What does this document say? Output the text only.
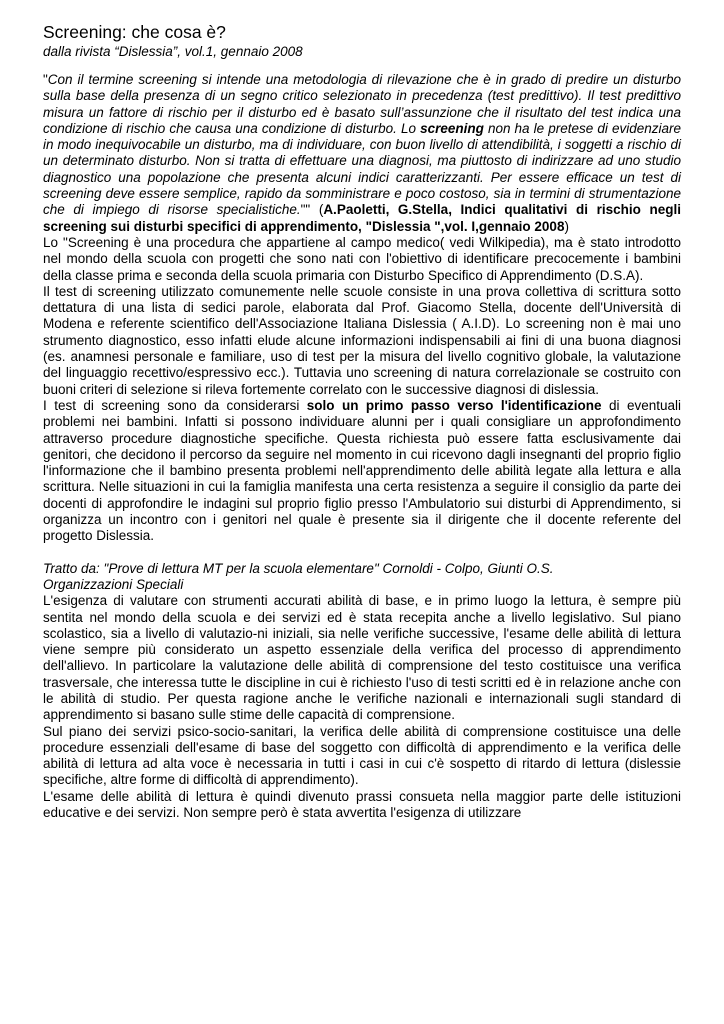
Screening: che cosa è?

dalla rivista “Dislessia”, vol.1, gennaio 2008

"Con il termine screening si intende una metodologia di rilevazione che è in grado di predire un disturbo sulla base della presenza di un segno critico selezionato in precedenza (test predittivo). Il test predittivo misura un fattore di rischio per il disturbo ed è basato sull’assunzione che il risultato del test indica una condizione di rischio che causa una condizione di disturbo. Lo screening non ha le pretese di evidenziare in modo inequivocabile un disturbo, ma di individuare, con buon livello di attendibilità, i soggetti a rischio di un determinato disturbo. Non si tratta di effettuare una diagnosi, ma piuttosto di indirizzare ad uno studio diagnostico una popolazione che presenta alcuni indici caratterizzanti. Per essere efficace un test di screening deve essere semplice, rapido da somministrare e poco costoso, sia in termini di strumentazione che di impiego di risorse specialistiche."" (A.Paoletti, G.Stella, Indici qualitativi di rischio negli screening sui disturbi specifici di apprendimento, "Dislessia ",vol. I,gennaio 2008)

Lo "Screening è una procedura che appartiene al campo medico( vedi Wilkipedia), ma è stato introdotto nel mondo della scuola con progetti che sono nati con l'obiettivo di identificare precocemente i bambini della classe prima e seconda della scuola primaria con Disturbo Specifico di Apprendimento (D.S.A).

Il test di screening utilizzato comunemente nelle scuole consiste in una prova collettiva di scrittura sotto dettatura di una lista di sedici parole, elaborata dal Prof. Giacomo Stella, docente dell'Università di Modena e referente scientifico dell'Associazione Italiana Dislessia ( A.I.D). Lo screening non è mai uno strumento diagnostico, esso infatti elude alcune informazioni indispensabili ai fini di una buona diagnosi (es. anamnesi personale e familiare, uso di test per la misura del livello cognitivo globale, la valutazione del linguaggio recettivo/espressivo ecc.). Tuttavia uno screening di natura correlazionale se costruito con buoni criteri di selezione si rileva fortemente correlato con le successive diagnosi di dislessia.

I test di screening sono da considerarsi solo un primo passo verso l'identificazione di eventuali problemi nei bambini. Infatti si possono individuare alunni per i quali consigliare un approfondimento attraverso procedure diagnostiche specifiche. Questa richiesta può essere fatta esclusivamente dai genitori, che decidono il percorso da seguire nel momento in cui ricevono dagli insegnanti del proprio figlio l'informazione che il bambino presenta problemi nell'apprendimento delle abilità legate alla lettura e alla scrittura. Nelle situazioni in cui la famiglia manifesta una certa resistenza a seguire il consiglio da parte dei docenti di approfondire le indagini sul proprio figlio presso l'Ambulatorio sui disturbi di Apprendimento, si organizza un incontro con i genitori nel quale è presente sia il dirigente che il docente referente del progetto Dislessia.

Tratto da: "Prove di lettura MT per la scuola elementare" Cornoldi - Colpo, Giunti O.S.

Organizzazioni Speciali

L'esigenza di valutare con strumenti accurati abilità di base, e in primo luogo la lettura, è sempre più sentita nel mondo della scuola e dei servizi ed è stata recepita anche a livello legislativo. Sul piano scolastico, sia a livello di valutazio-ni iniziali, sia nelle verifiche successive, l'esame delle abilità di lettura viene sempre più considerato un aspetto essenziale della verifica del processo di apprendimento dell'allievo. In particolare la valutazione delle abilità di comprensione del testo costituisce una verifica trasversale, che interessa tutte le discipline in cui è richiesto l'uso di testi scritti ed è in relazione anche con le abilità di studio. Per questa ragione anche le verifiche nazionali e internazionali sugli standard di apprendimento si basano sulle stime delle capacità di comprensione.

Sul piano dei servizi psico-socio-sanitari, la verifica delle abilità di comprensione costituisce una delle procedure essenziali dell'esame di base del soggetto con difficoltà di apprendimento e la verifica delle abilità di lettura ad alta voce è necessaria in tutti i casi in cui c'è sospetto di ritardo di lettura (dislessie specifiche, altre forme di difficoltà di apprendimento).

L'esame delle abilità di lettura è quindi divenuto prassi consueta nella maggior parte delle istituzioni educative e dei servizi. Non sempre però è stata avvertita l'esigenza di utilizzare
